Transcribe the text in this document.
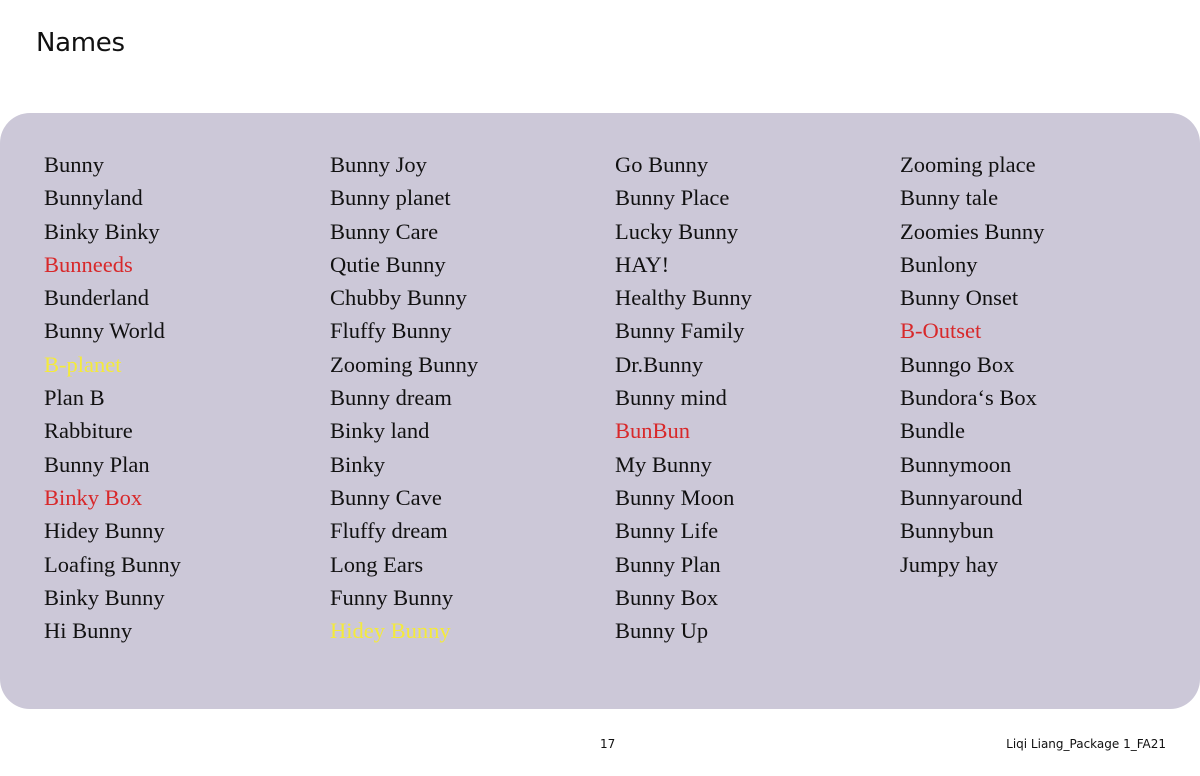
Names
Bunny
Bunnyland
Binky Binky
Bunneeds
Bunderland
Bunny World
B-planet
Plan B
Rabbiture
Bunny Plan
Binky Box
Hidey Bunny
Loafing Bunny
Binky Bunny
Hi Bunny
Bunny Joy
Bunny planet
Bunny Care
Qutie Bunny
Chubby Bunny
Fluffy Bunny
Zooming Bunny
Bunny dream
Binky land
Binky
Bunny Cave
Fluffy dream
Long Ears
Funny Bunny
Hidey Bunny
Go Bunny
Bunny Place
Lucky Bunny
HAY!
Healthy Bunny
Bunny Family
Dr.Bunny
Bunny mind
BunBun
My Bunny
Bunny Moon
Bunny Life
Bunny Plan
Bunny Box
Bunny Up
Zooming place
Bunny tale
Zoomies Bunny
Bunlony
Bunny Onset
B-Outset
Bunngo Box
Bundora‘s Box
Bundle
Bunnymoon
Bunnyaround
Bunnybun
Jumpy hay
17	Liqi Liang_Package 1_FA21
